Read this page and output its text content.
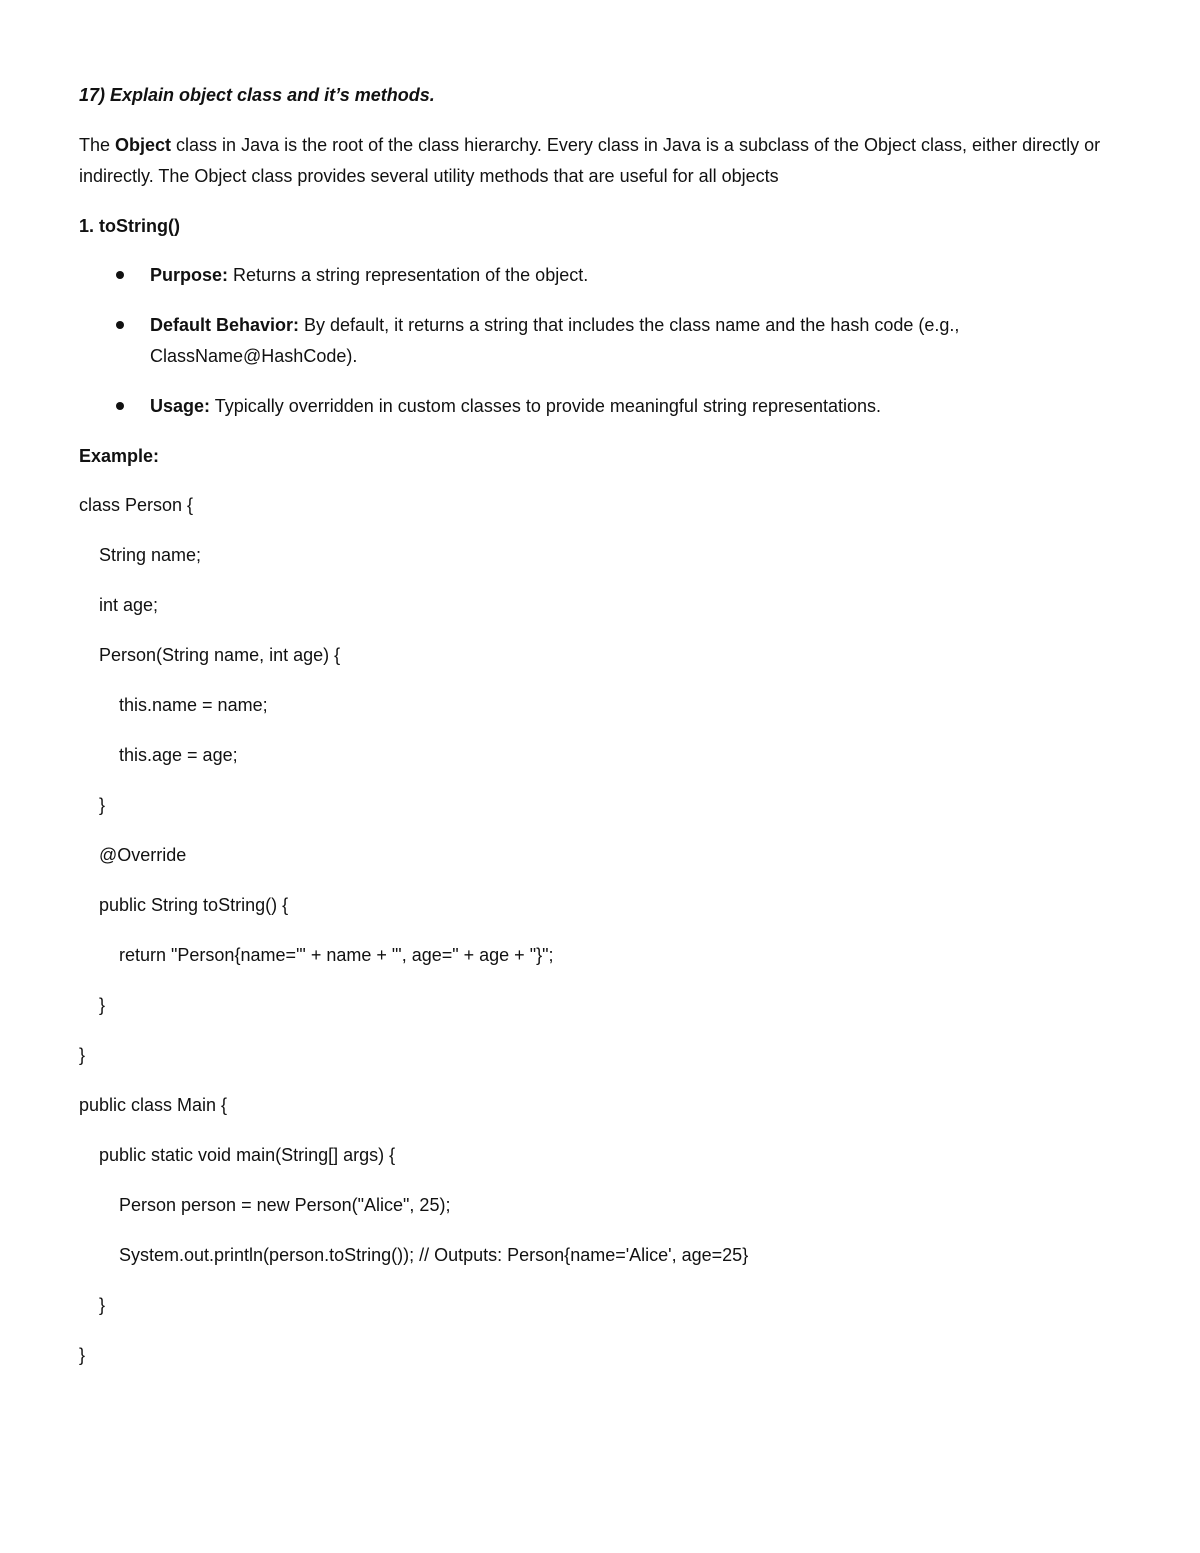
17) Explain object class and it’s methods.
The Object class in Java is the root of the class hierarchy. Every class in Java is a subclass of the Object class, either directly or indirectly. The Object class provides several utility methods that are useful for all objects
1. toString()
Purpose: Returns a string representation of the object.
Default Behavior: By default, it returns a string that includes the class name and the hash code (e.g., ClassName@HashCode).
Usage: Typically overridden in custom classes to provide meaningful string representations.
Example:
class Person {
String name;
int age;
Person(String name, int age) {
this.name = name;
this.age = age;
}
@Override
public String toString() {
return "Person{name='" + name + "', age=" + age + "}";
}
}
public class Main {
public static void main(String[] args) {
Person person = new Person("Alice", 25);
System.out.println(person.toString()); // Outputs: Person{name='Alice', age=25}
}
}
